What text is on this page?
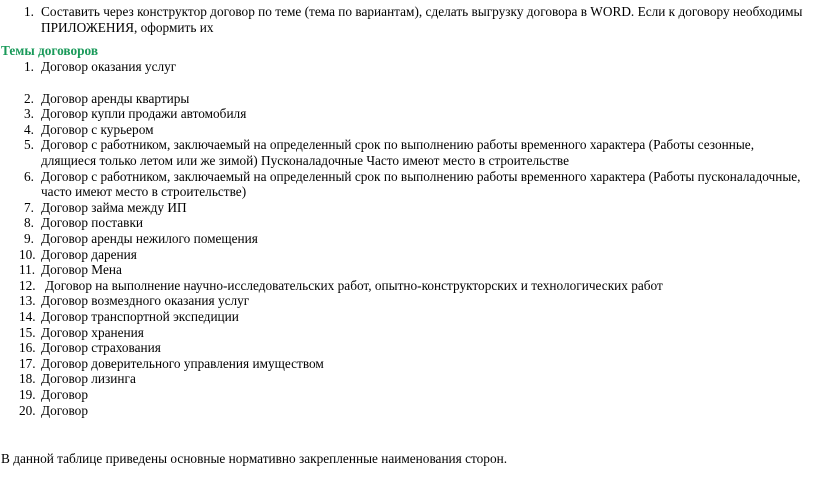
1. Составить через конструктор договор по теме (тема по вариантам), сделать выгрузку договора в WORD. Если к договору необходимы
ПРИЛОЖЕНИЯ, оформить их
Темы договоров
1. Договор оказания услуг
2. Договор аренды квартиры
3. Договор купли продажи автомобиля
4. Договор с курьером
5. Договор с работником, заключаемый на определенный срок по выполнению работы временного характера (Работы сезонные,
длящиеся только летом или же зимой) Пусконаладочные Часто имеют место в строительстве
6. Договор с работником, заключаемый на определенный срок по выполнению работы временного характера (Работы пусконаладочные,
часто имеют место в строительстве)
7. Договор займа между ИП
8. Договор поставки
9. Договор аренды нежилого помещения
10. Договор дарения
11. Договор Мена
12. Договор на выполнение научно-исследовательских работ, опытно-конструкторских и технологических работ
13. Договор возмездного оказания услуг
14. Договор транспортной экспедиции
15. Договор хранения
16. Договор страхования
17. Договор доверительного управления имуществом
18. Договор лизинга
19. Договор
20. Договор
В данной таблице приведены основные нормативно закрепленные наименования сторон.
